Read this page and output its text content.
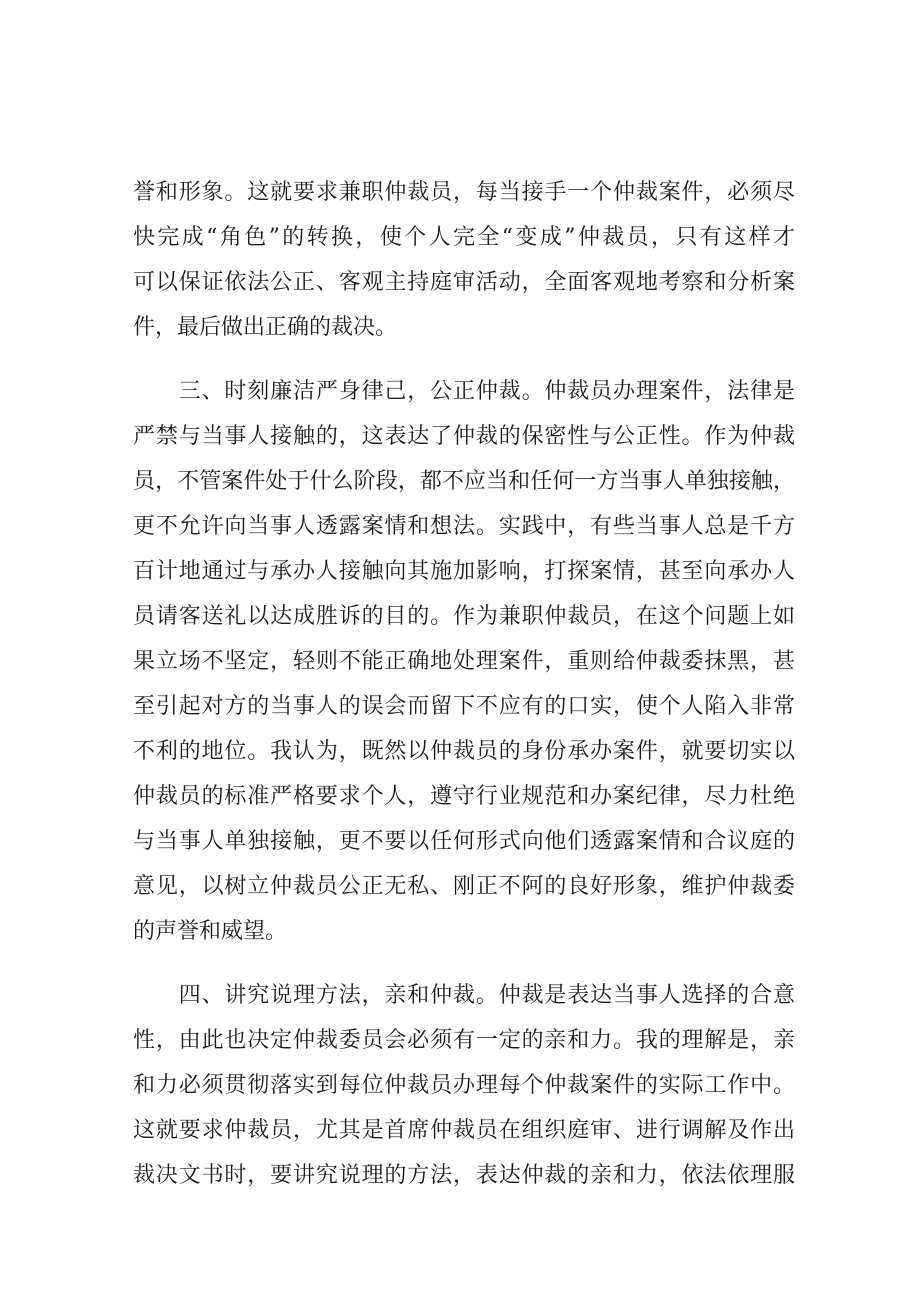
誉和形象。这就要求兼职仲裁员，每当接手一个仲裁案件，必须尽
快完成“角色”的转换，使个人完全“变成”仲裁员，只有这样才
可以保证依法公正、客观主持庭审活动，全面客观地考察和分析案
件，最后做出正确的裁决。
　　三、时刻廉洁严身律己，公正仲裁。仲裁员办理案件，法律是
严禁与当事人接触的，这表达了仲裁的保密性与公正性。作为仲裁
员，不管案件处于什么阶段，都不应当和任何一方当事人单独接触，
更不允许向当事人透露案情和想法。实践中，有些当事人总是千方
百计地通过与承办人接触向其施加影响，打探案情，甚至向承办人
员请客送礼以达成胜诉的目的。作为兼职仲裁员，在这个问题上如
果立场不坚定，轻则不能正确地处理案件，重则给仲裁委抹黑，甚
至引起对方的当事人的误会而留下不应有的口实，使个人陷入非常
不利的地位。我认为，既然以仲裁员的身份承办案件，就要切实以
仲裁员的标准严格要求个人，遵守行业规范和办案纪律，尽力杜绝
与当事人单独接触，更不要以任何形式向他们透露案情和合议庭的
意见，以树立仲裁员公正无私、刚正不阿的良好形象，维护仲裁委
的声誉和威望。
　　四、讲究说理方法，亲和仲裁。仲裁是表达当事人选择的合意
性，由此也决定仲裁委员会必须有一定的亲和力。我的理解是，亲
和力必须贯彻落实到每位仲裁员办理每个仲裁案件的实际工作中。
这就要求仲裁员，尤其是首席仲裁员在组织庭审、进行调解及作出
裁决文书时，要讲究说理的方法，表达仲裁的亲和力，依法依理服
